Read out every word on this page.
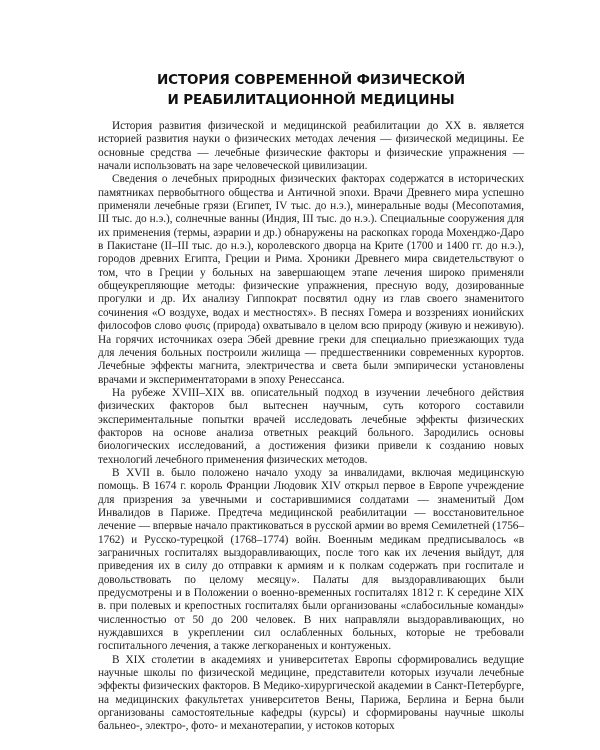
ИСТОРИЯ СОВРЕМЕННОЙ ФИЗИЧЕСКОЙ
И РЕАБИЛИТАЦИОННОЙ МЕДИЦИНЫ

История развития физической и медицинской реабилитации до XX в. является историей развития науки о физических методах лечения — физической медицины. Ее основные средства — лечебные физические факторы и физические упражнения — начали использовать на заре человеческой цивилизации.

Сведения о лечебных природных физических факторах содержатся в исторических памятниках первобытного общества и Античной эпохи. Врачи Древнего мира успешно применяли лечебные грязи (Египет, IV тыс. до н.э.), минеральные воды (Месопотамия, III тыс. до н.э.), солнечные ванны (Индия, III тыс. до н.э.). Специальные сооружения для их применения (термы, аэрарии и др.) обнаружены на раскопках города Мохенджо-Даро в Пакистане (II–III тыс. до н.э.), королевского дворца на Крите (1700 и 1400 гг. до н.э.), городов древних Египта, Греции и Рима. Хроники Древнего мира свидетельствуют о том, что в Греции у больных на завершающем этапе лечения широко применяли общеукрепляющие методы: физические упражнения, пресную воду, дозированные прогулки и др. Их анализу Гиппократ посвятил одну из глав своего знаменитого сочинения «О воздухе, водах и местностях». В песнях Гомера и воззрениях ионийских философов слово φυσις (природа) охватывало в целом всю природу (живую и неживую). На горячих источниках озера Эбей древние греки для специально приезжающих туда для лечения больных построили жилища — предшественники современных курортов. Лечебные эффекты магнита, электричества и света были эмпирически установлены врачами и экспериментаторами в эпоху Ренессанса.

На рубеже XVIII–XIX вв. описательный подход в изучении лечебного действия физических факторов был вытеснен научным, суть которого составили экспериментальные попытки врачей исследовать лечебные эффекты физических факторов на основе анализа ответных реакций больного. Зародились основы биологических исследований, а достижения физики привели к созданию новых технологий лечебного применения физических методов.

В XVII в. было положено начало уходу за инвалидами, включая медицинскую помощь. В 1674 г. король Франции Людовик XIV открыл первое в Европе учреждение для призрения за увечными и состарившимися солдатами — знаменитый Дом Инвалидов в Париже. Предтеча медицинской реабилитации — восстановительное лечение — впервые начало практиковаться в русской армии во время Семилетней (1756–1762) и Русско-турецкой (1768–1774) войн. Военным медикам предписывалось «в заграничных госпиталях выздоравливающих, после того как их лечения выйдут, для приведения их в силу до отправки к армиям и к полкам содержать при госпитале и довольствовать по целому месяцу». Палаты для выздоравливающих были предусмотрены и в Положении о военно-временных госпиталях 1812 г. К середине XIX в. при полевых и крепостных госпиталях были организованы «слабосильные команды» численностью от 50 до 200 человек. В них направляли выздоравливающих, но нуждавшихся в укреплении сил ослабленных больных, которые не требовали госпитального лечения, а также легкораненых и контуженых.

В XIX столетии в академиях и университетах Европы сформировались ведущие научные школы по физической медицине, представители которых изучали лечебные эффекты физических факторов. В Медико-хирургической академии в Санкт-Петербурге, на медицинских факультетах университетов Вены, Парижа, Берлина и Берна были организованы самостоятельные кафедры (курсы) и сформированы научные школы бальнео-, электро-, фото- и механотерапии, у истоков которых
